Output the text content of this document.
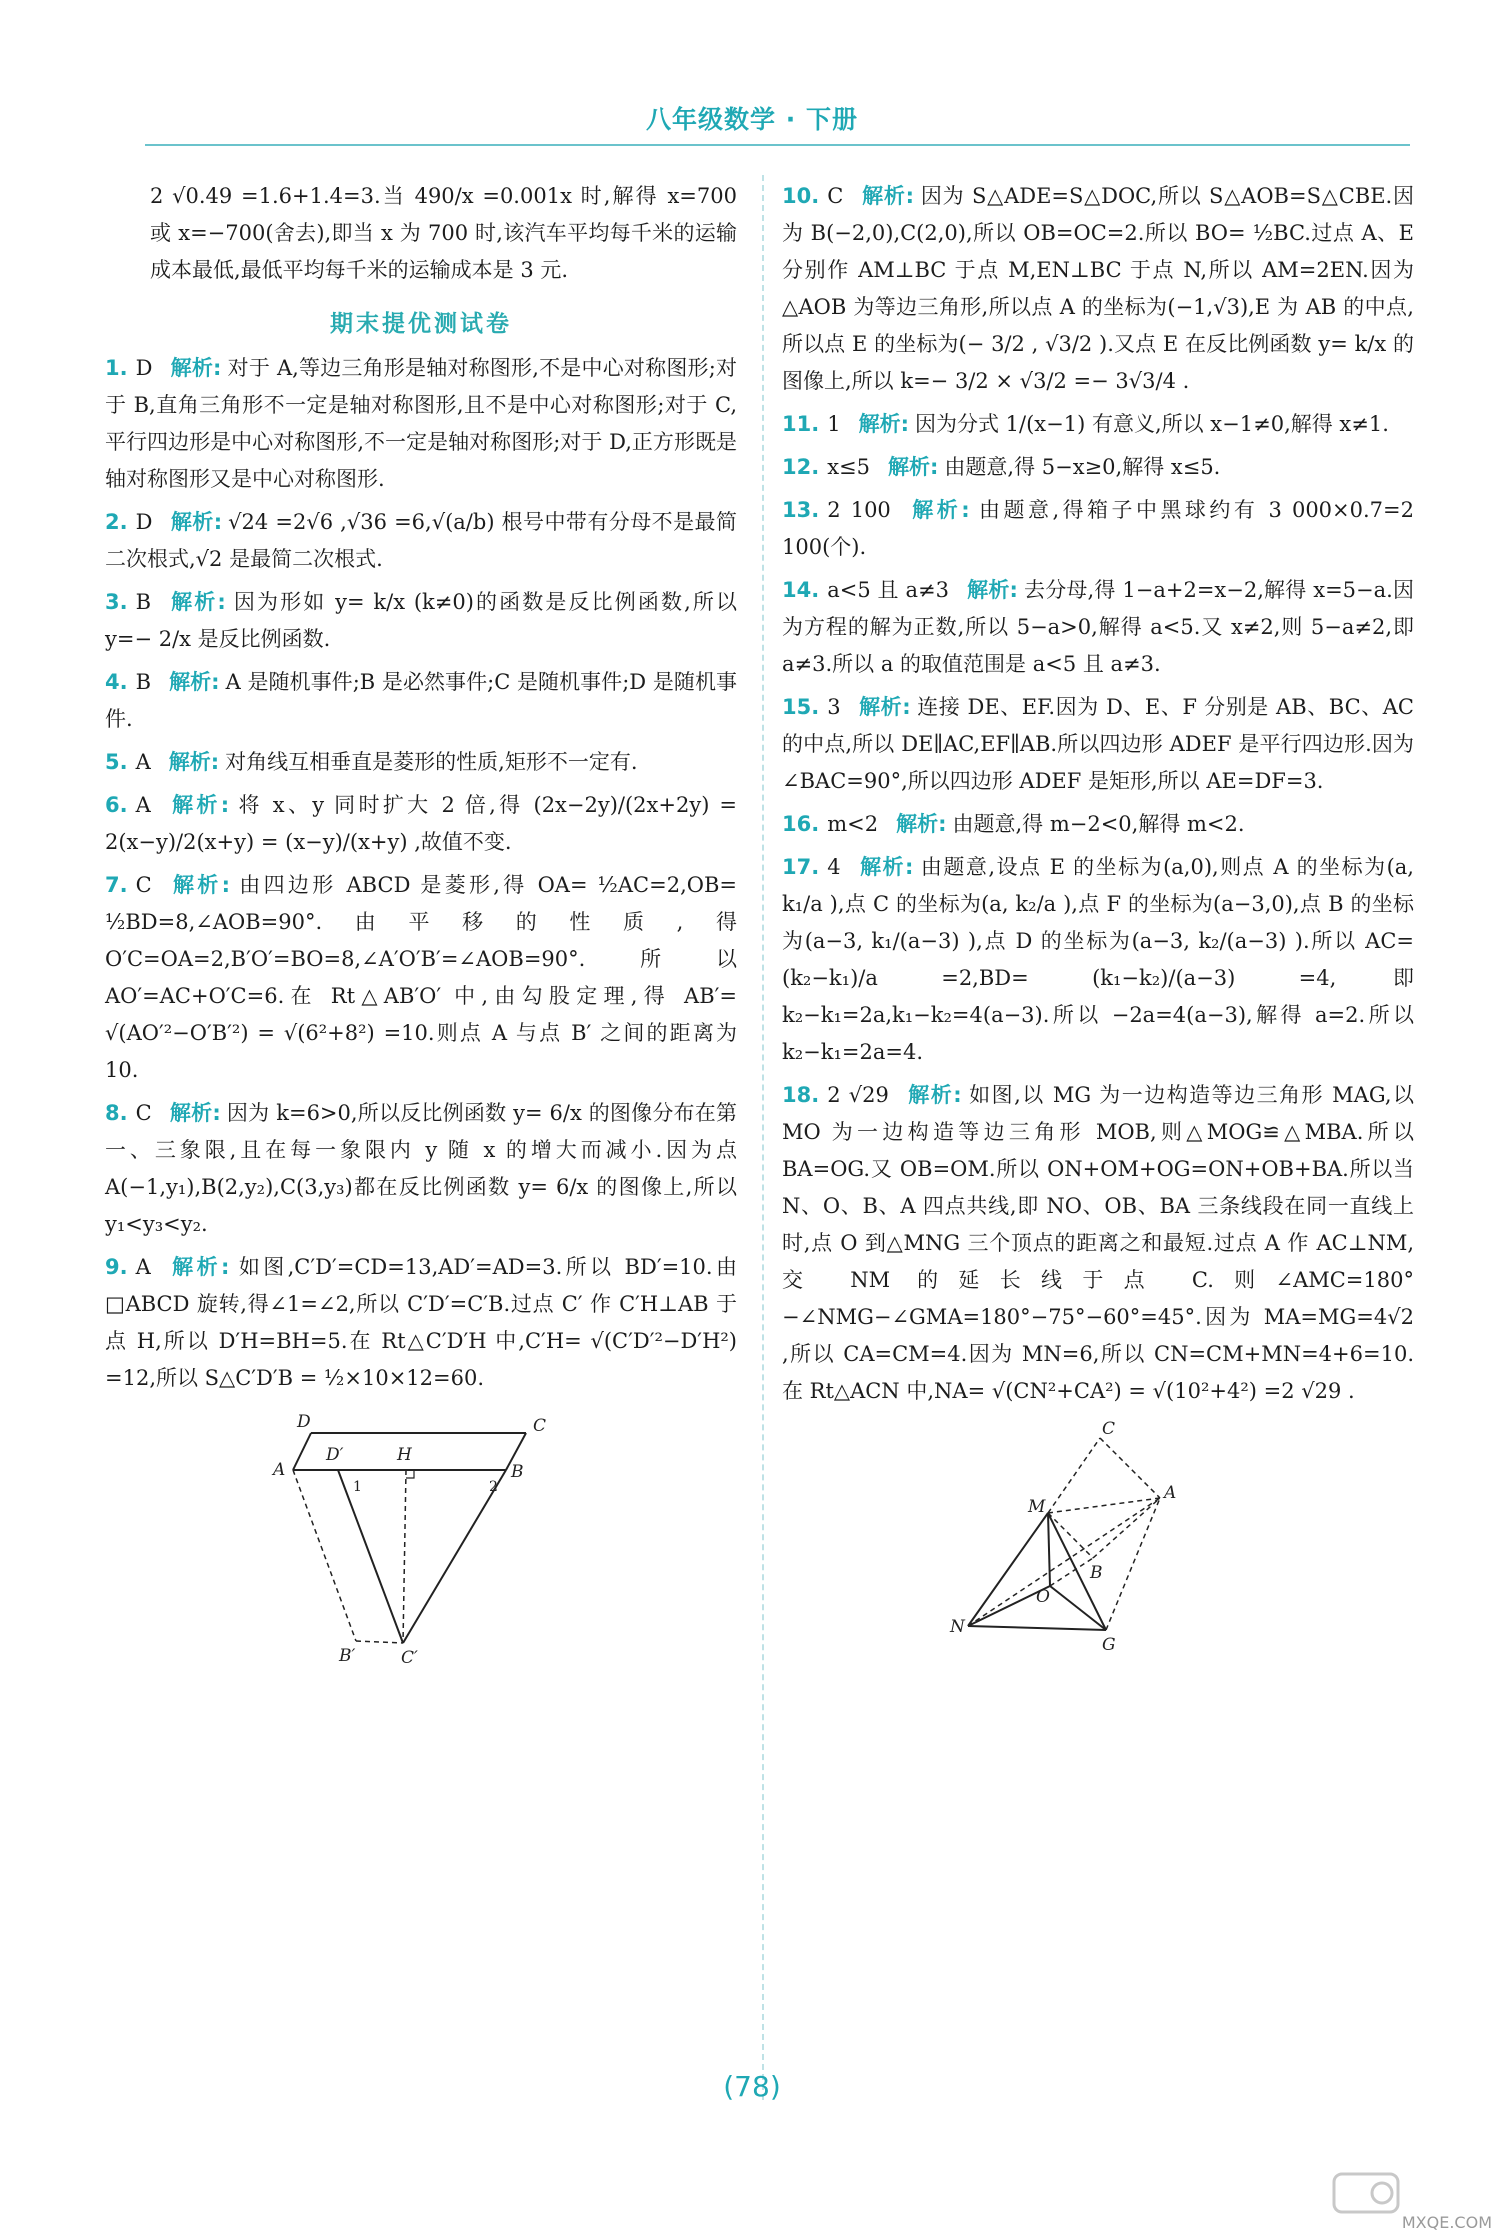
八年级数学 · 下册

2 √0.49 =1.6+1.4=3.当 490/x =0.001x 时,解得 x=700 或 x=−700(舍去),即当 x 为 700 时,该汽车平均每千米的运输成本最低,最低平均每千米的运输成本是 3 元.

期末提优测试卷

1. D 解析: 对于 A,等边三角形是轴对称图形,不是中心对称图形;对于 B,直角三角形不一定是轴对称图形,且不是中心对称图形;对于 C,平行四边形是中心对称图形,不一定是轴对称图形;对于 D,正方形既是轴对称图形又是中心对称图形.

2. D 解析: √24 =2√6 ,√36 =6,√(a/b) 根号中带有分母不是最简二次根式,√2 是最简二次根式.

3. B 解析: 因为形如 y= k/x (k≠0)的函数是反比例函数,所以 y=− 2/x 是反比例函数.

4. B 解析: A 是随机事件;B 是必然事件;C 是随机事件;D 是随机事件.

5. A 解析: 对角线互相垂直是菱形的性质,矩形不一定有.

6. A 解析: 将 x、y 同时扩大 2 倍,得 (2x−2y)/(2x+2y) = 2(x−y)/2(x+y) = (x−y)/(x+y) ,故值不变.

7. C 解析: 由四边形 ABCD 是菱形,得 OA= ½AC=2,OB= ½BD=8,∠AOB=90°.由平移的性质,得 O′C=OA=2,B′O′=BO=8,∠A′O′B′=∠AOB=90°.所以 AO′=AC+O′C=6.在 Rt△AB′O′ 中,由勾股定理,得 AB′= √(AO′²−O′B′²) = √(6²+8²) =10.则点 A 与点 B′ 之间的距离为 10.

8. C 解析: 因为 k=6>0,所以反比例函数 y= 6/x 的图像分布在第一、三象限,且在每一象限内 y 随 x 的增大而减小.因为点 A(−1,y₁),B(2,y₂),C(3,y₃)都在反比例函数 y= 6/x 的图像上,所以 y₁<y₃<y₂.

9. A 解析: 如图,C′D′=CD=13,AD′=AD=3.所以 BD′=10.由□ABCD 旋转,得∠1=∠2,所以 C′D′=C′B.过点 C′ 作 C′H⊥AB 于点 H,所以 D′H=BH=5.在 Rt△C′D′H 中,C′H= √(C′D′²−D′H²) =12,所以 S△C′D′B = ½×10×12=60.

D	C
A
D′	H
B
1	2
B′	C′

10. C 解析: 因为 S△ADE=S△DOC,所以 S△AOB=S△CBE.因为 B(−2,0),C(2,0),所以 OB=OC=2.所以 BO= ½BC.过点 A、E 分别作 AM⊥BC 于点 M,EN⊥BC 于点 N,所以 AM=2EN.因为△AOB 为等边三角形,所以点 A 的坐标为(−1,√3),E 为 AB 的中点,所以点 E 的坐标为(− 3/2 , √3/2 ).又点 E 在反比例函数 y= k/x 的图像上,所以 k=− 3/2 × √3/2 =− 3√3/4 .

11. 1 解析: 因为分式 1/(x−1) 有意义,所以 x−1≠0,解得 x≠1.

12. x≤5 解析: 由题意,得 5−x≥0,解得 x≤5.

13. 2 100 解析: 由题意,得箱子中黑球约有 3 000×0.7=2 100(个).

14. a<5 且 a≠3 解析: 去分母,得 1−a+2=x−2,解得 x=5−a.因为方程的解为正数,所以 5−a>0,解得 a<5.又 x≠2,则 5−a≠2,即 a≠3.所以 a 的取值范围是 a<5 且 a≠3.

15. 3 解析: 连接 DE、EF.因为 D、E、F 分别是 AB、BC、AC 的中点,所以 DE∥AC,EF∥AB.所以四边形 ADEF 是平行四边形.因为∠BAC=90°,所以四边形 ADEF 是矩形,所以 AE=DF=3.

16. m<2 解析: 由题意,得 m−2<0,解得 m<2.

17. 4 解析: 由题意,设点 E 的坐标为(a,0),则点 A 的坐标为(a, k₁/a ),点 C 的坐标为(a, k₂/a ),点 F 的坐标为(a−3,0),点 B 的坐标为(a−3, k₁/(a−3) ),点 D 的坐标为(a−3, k₂/(a−3) ).所以 AC= (k₂−k₁)/a =2,BD= (k₁−k₂)/(a−3) =4,即 k₂−k₁=2a,k₁−k₂=4(a−3).所以 −2a=4(a−3),解得 a=2.所以 k₂−k₁=2a=4.

18. 2 √29 解析: 如图,以 MG 为一边构造等边三角形 MAG,以 MO 为一边构造等边三角形 MOB,则△MOG≌△MBA.所以 BA=OG.又 OB=OM.所以 ON+OM+OG=ON+OB+BA.所以当 N、O、B、A 四点共线,即 NO、OB、BA 三条线段在同一直线上时,点 O 到△MNG 三个顶点的距离之和最短.过点 A 作 AC⊥NM,交 NM 的延长线于点 C.则∠AMC=180°−∠NMG−∠GMA=180°−75°−60°=45°.因为 MA=MG=4√2 ,所以 CA=CM=4.因为 MN=6,所以 CN=CM+MN=4+6=10.在 Rt△ACN 中,NA= √(CN²+CA²) = √(10²+4²) =2 √29 .

C
A
M
B
O
N
G
(78)
MXQE.COM
